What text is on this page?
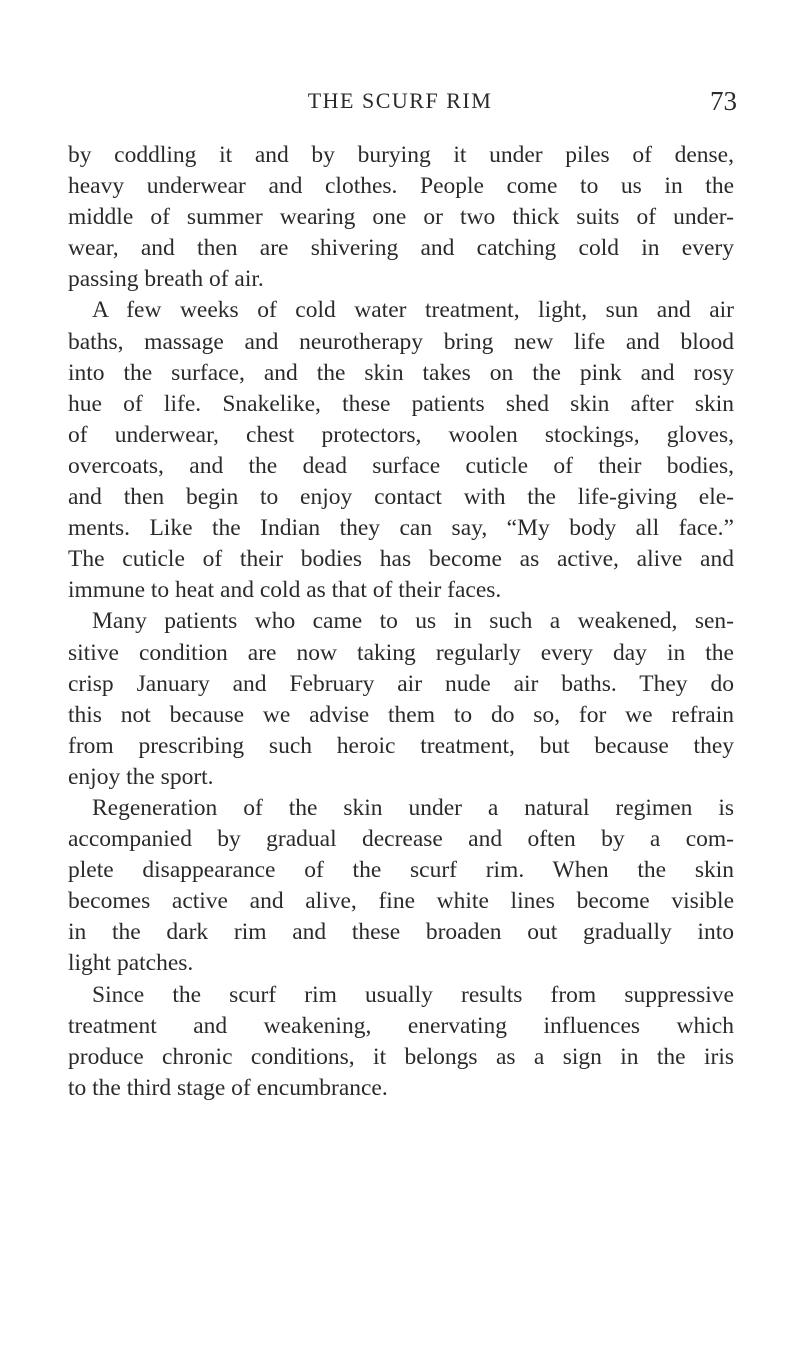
THE SCURF RIM	73
by coddling it and by burying it under piles of dense,
heavy underwear and clothes. People come to us in the
middle of summer wearing one or two thick suits of under-
wear, and then are shivering and catching cold in every
passing breath of air.
A few weeks of cold water treatment, light, sun and air
baths, massage and neurotherapy bring new life and blood
into the surface, and the skin takes on the pink and rosy
hue of life. Snakelike, these patients shed skin after skin
of underwear, chest protectors, woolen stockings, gloves,
overcoats, and the dead surface cuticle of their bodies,
and then begin to enjoy contact with the life-giving ele-
ments. Like the Indian they can say, “My body all face.”
The cuticle of their bodies has become as active, alive and
immune to heat and cold as that of their faces.
Many patients who came to us in such a weakened, sen-
sitive condition are now taking regularly every day in the
crisp January and February air nude air baths. They do
this not because we advise them to do so, for we refrain
from prescribing such heroic treatment, but because they
enjoy the sport.
Regeneration of the skin under a natural regimen is
accompanied by gradual decrease and often by a com-
plete disappearance of the scurf rim. When the skin
becomes active and alive, fine white lines become visible
in the dark rim and these broaden out gradually into
light patches.
Since the scurf rim usually results from suppressive
treatment and weakening, enervating influences which
produce chronic conditions, it belongs as a sign in the iris
to the third stage of encumbrance.
